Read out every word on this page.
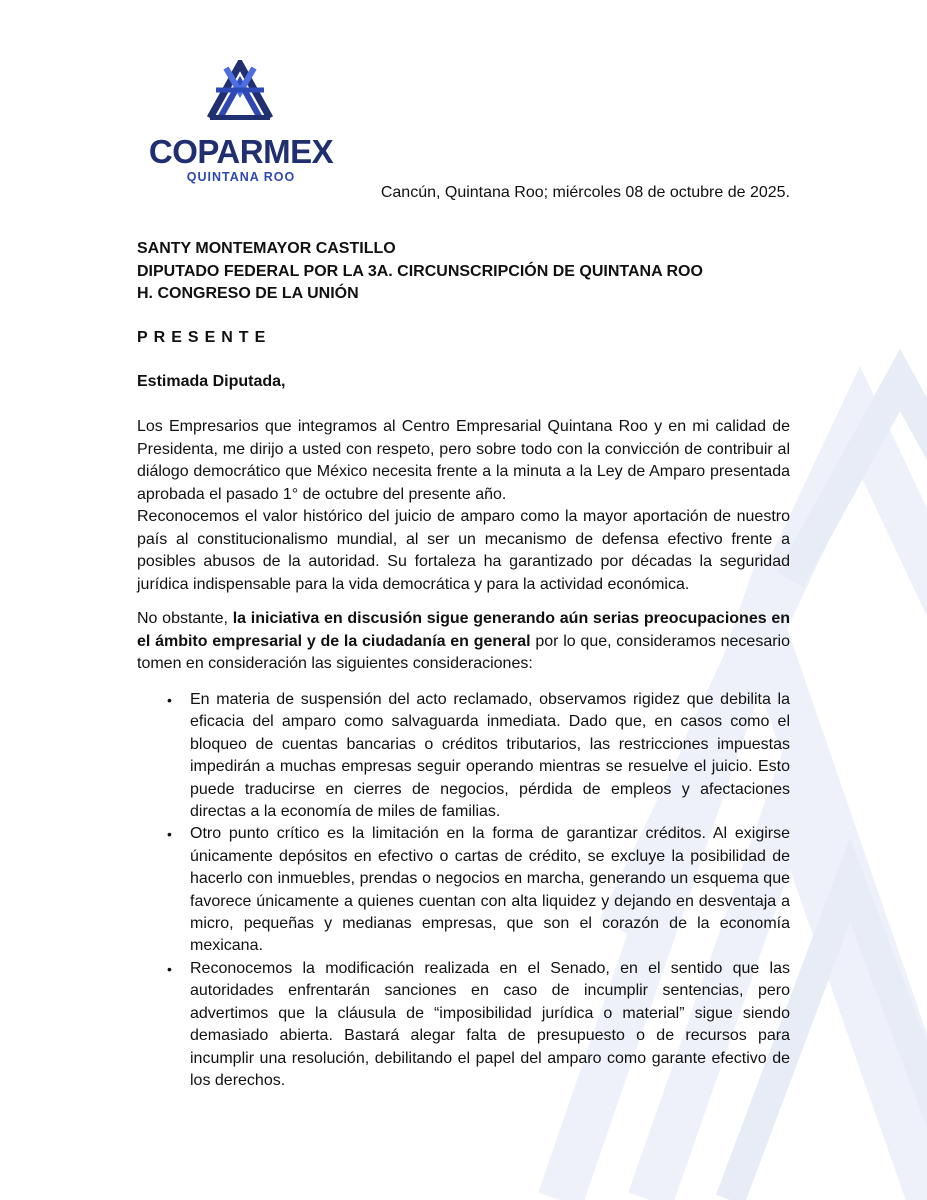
COPARMEX
QUINTANA ROO
Cancún, Quintana Roo; miércoles 08 de octubre de 2025.
SANTY MONTEMAYOR CASTILLO
DIPUTADO FEDERAL POR LA 3A. CIRCUNSCRIPCIÓN DE QUINTANA ROO
H. CONGRESO DE LA UNIÓN
PRESENTE
Estimada Diputada,

Los Empresarios que integramos al Centro Empresarial Quintana Roo y en mi calidad de Presidenta, me dirijo a usted con respeto, pero sobre todo con la convicción de contribuir al diálogo democrático que México necesita frente a la minuta a la Ley de Amparo presentada aprobada el pasado 1° de octubre del presente año.

Reconocemos el valor histórico del juicio de amparo como la mayor aportación de nuestro país al constitucionalismo mundial, al ser un mecanismo de defensa efectivo frente a posibles abusos de la autoridad. Su fortaleza ha garantizado por décadas la seguridad jurídica indispensable para la vida democrática y para la actividad económica.

No obstante, la iniciativa en discusión sigue generando aún serias preocupaciones en el ámbito empresarial y de la ciudadanía en general por lo que, consideramos necesario tomen en consideración las siguientes consideraciones:

• En materia de suspensión del acto reclamado, observamos rigidez que debilita la eficacia del amparo como salvaguarda inmediata. Dado que, en casos como el bloqueo de cuentas bancarias o créditos tributarios, las restricciones impuestas impedirán a muchas empresas seguir operando mientras se resuelve el juicio. Esto puede traducirse en cierres de negocios, pérdida de empleos y afectaciones directas a la economía de miles de familias.
• Otro punto crítico es la limitación en la forma de garantizar créditos. Al exigirse únicamente depósitos en efectivo o cartas de crédito, se excluye la posibilidad de hacerlo con inmuebles, prendas o negocios en marcha, generando un esquema que favorece únicamente a quienes cuentan con alta liquidez y dejando en desventaja a micro, pequeñas y medianas empresas, que son el corazón de la economía mexicana.
• Reconocemos la modificación realizada en el Senado, en el sentido que las autoridades enfrentarán sanciones en caso de incumplir sentencias, pero advertimos que la cláusula de “imposibilidad jurídica o material” sigue siendo demasiado abierta. Bastará alegar falta de presupuesto o de recursos para incumplir una resolución, debilitando el papel del amparo como garante efectivo de los derechos.
